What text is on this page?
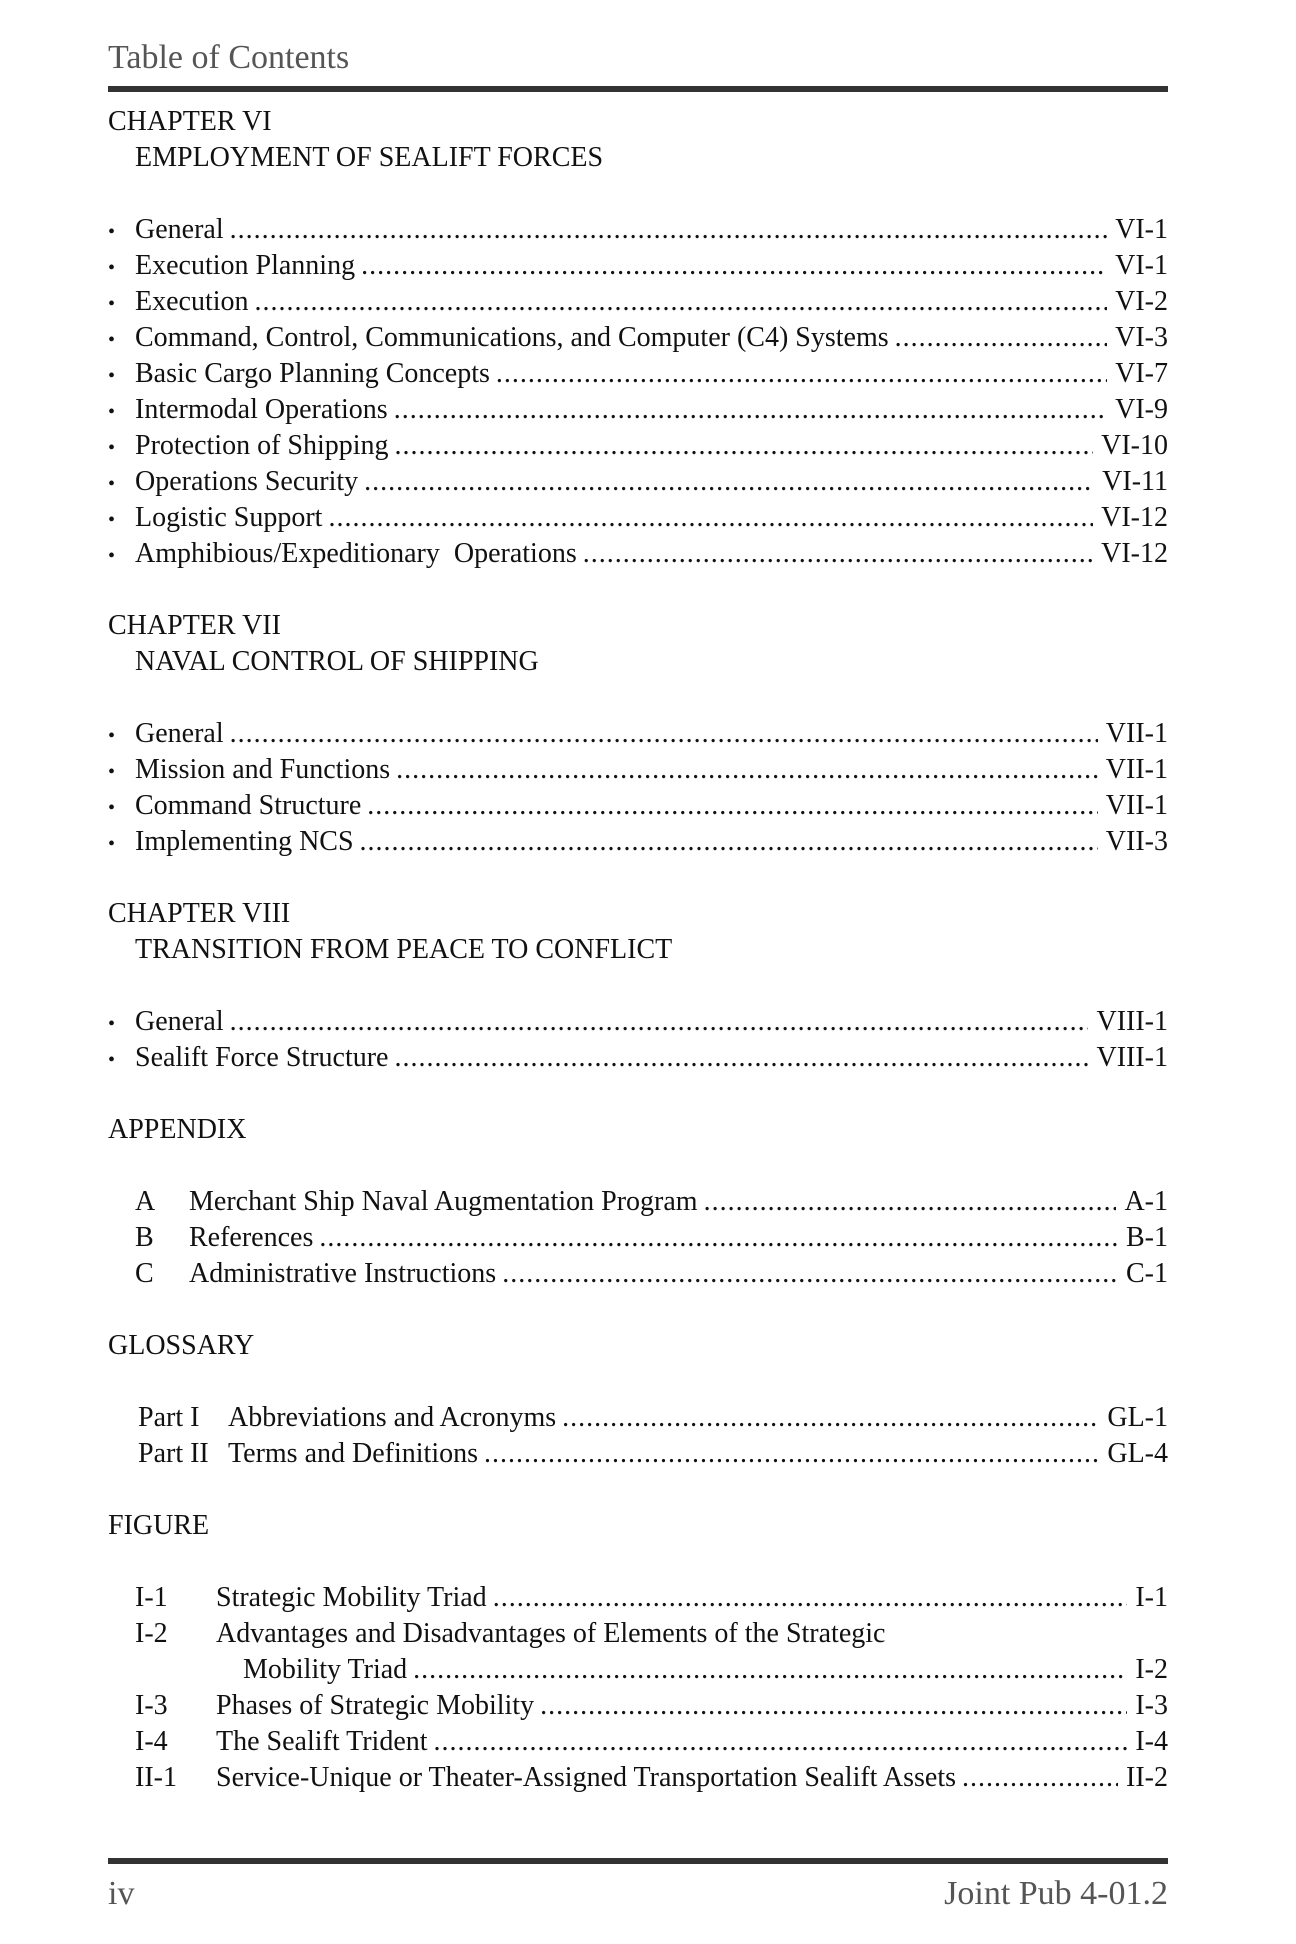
Table of Contents
CHAPTER VI
EMPLOYMENT OF SEALIFT FORCES
• General .....	VI-1
• Execution Planning .....	VI-1
• Execution .....	VI-2
• Command, Control, Communications, and Computer (C4) Systems .....	VI-3
• Basic Cargo Planning Concepts .....	VI-7
• Intermodal Operations .....	VI-9
• Protection of Shipping .....	VI-10
• Operations Security .....	VI-11
• Logistic Support .....	VI-12
• Amphibious/Expeditionary  Operations .....	VI-12
CHAPTER VII
NAVAL CONTROL OF SHIPPING
• General .....	VII-1
• Mission and Functions .....	VII-1
• Command Structure .....	VII-1
• Implementing NCS .....	VII-3
CHAPTER VIII
TRANSITION FROM PEACE TO CONFLICT
• General .....	VIII-1
• Sealift Force Structure .....	VIII-1
APPENDIX
A	Merchant Ship Naval Augmentation Program .....	A-1
B	References .....	B-1
C	Administrative Instructions .....	C-1
GLOSSARY
Part I	Abbreviations and Acronyms .....	GL-1
Part II Terms and Definitions .....	GL-4
FIGURE
I-1	Strategic Mobility Triad .....	I-1
I-2	Advantages and Disadvantages of Elements of the Strategic
Mobility Triad .....	I-2
I-3	Phases of Strategic Mobility .....	I-3
I-4	The Sealift Trident .....	I-4
II-1	Service-Unique or Theater-Assigned Transportation Sealift Assets .....	II-2
iv	Joint Pub 4-01.2
